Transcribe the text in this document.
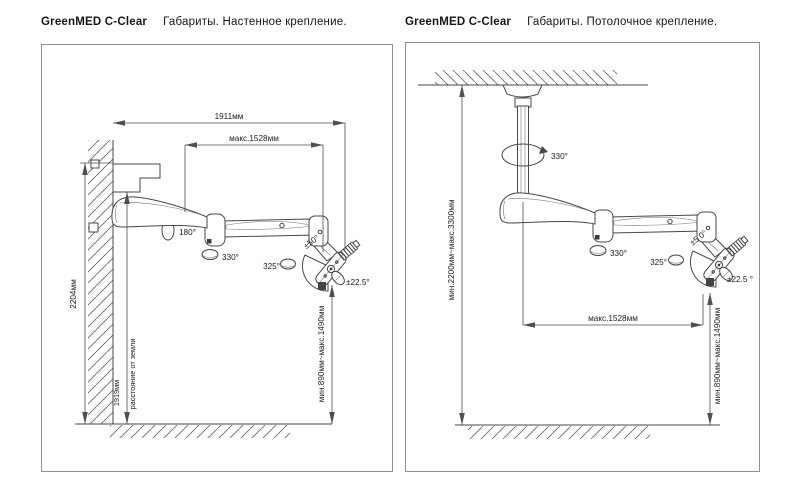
GreenMED C-Clear Габариты. Настенное крепление.	GreenMED C-Clear Габариты. Потолочное крепление.
2204мм
1919мм расстояние от земли
1911мм
макс.1528мм
мин.890мм~макс.1490мм
180°
330°
325°
±50°
±22.5°
330°
мин.2200мм~макс.3300мм
макс.1528мм	мин.890мм~макс.1490мм
330°
325°
±5 0°
±22.5 °
